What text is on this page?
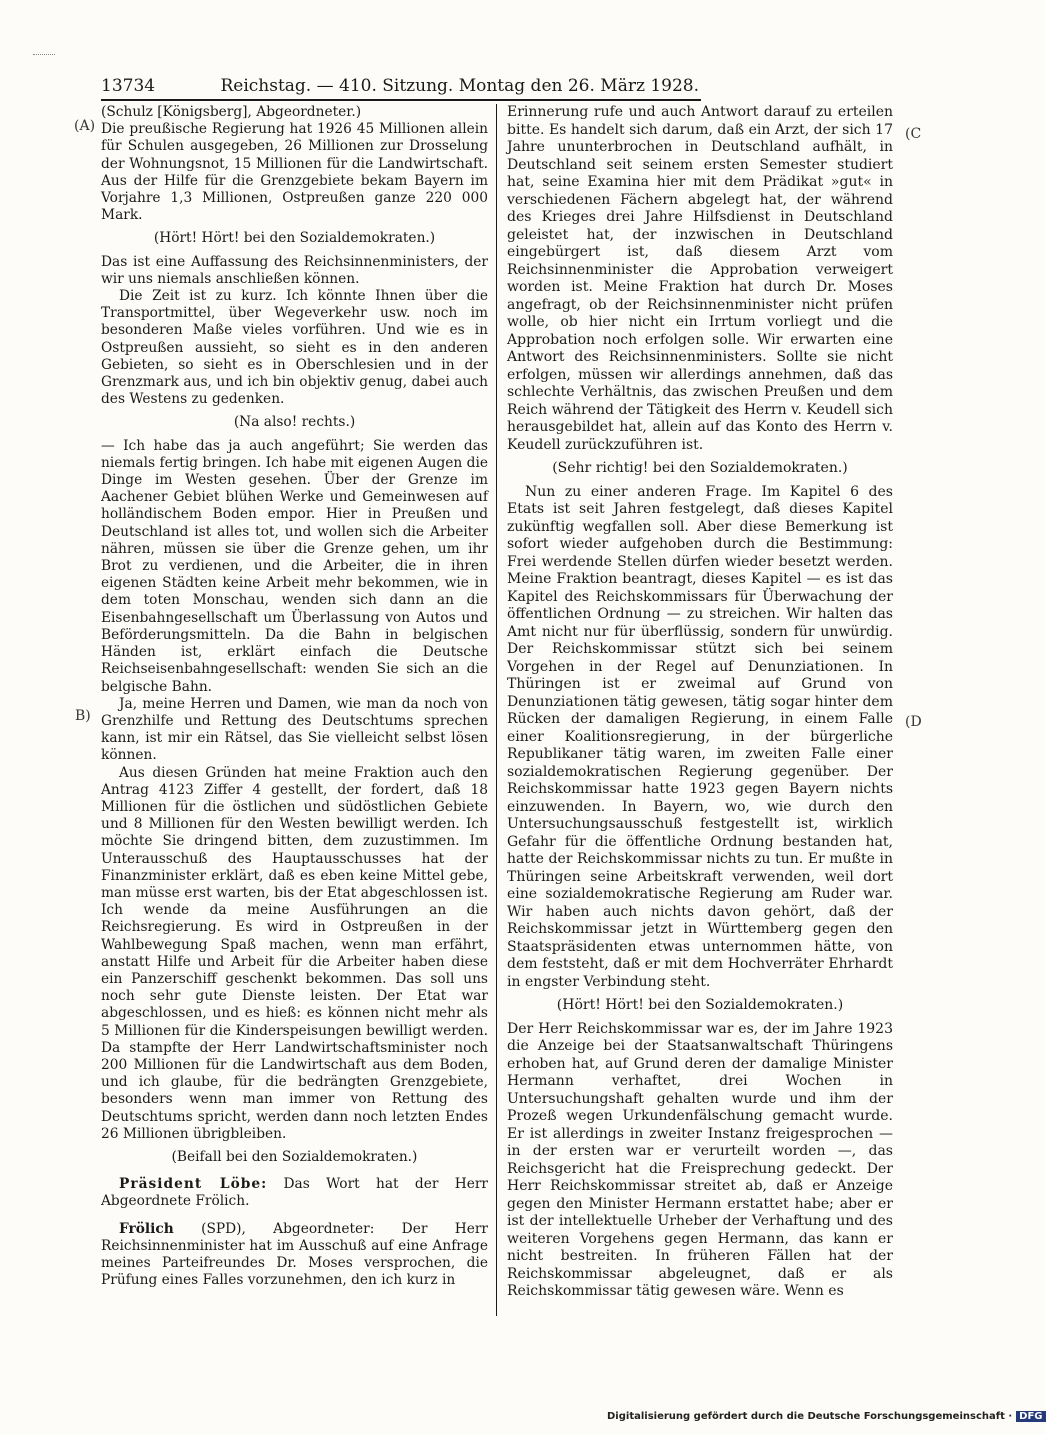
13734	Reichstag. — 410. Sitzung. Montag den 26. März 1928.
(A)
B)
(C
(D

(Schulz [Königsberg], Abgeordneter.)

Die preußische Regierung hat 1926 45 Millionen allein für Schulen ausgegeben, 26 Millionen zur Drosselung der Wohnungsnot, 15 Millionen für die Landwirtschaft. Aus der Hilfe für die Grenzgebiete bekam Bayern im Vorjahre 1,3 Millionen, Ostpreußen ganze 220 000 Mark.

(Hört! Hört! bei den Sozialdemokraten.)

Das ist eine Auffassung des Reichsinnenministers, der wir uns niemals anschließen können.

Die Zeit ist zu kurz. Ich könnte Ihnen über die Transportmittel, über Wegeverkehr usw. noch im besonderen Maße vieles vorführen. Und wie es in Ostpreußen aussieht, so sieht es in den anderen Gebieten, so sieht es in Oberschlesien und in der Grenzmark aus, und ich bin objektiv genug, dabei auch des Westens zu gedenken.

(Na also! rechts.)

— Ich habe das ja auch angeführt; Sie werden das niemals fertig bringen. Ich habe mit eigenen Augen die Dinge im Westen gesehen. Über der Grenze im Aachener Gebiet blühen Werke und Gemeinwesen auf holländischem Boden empor. Hier in Preußen und Deutschland ist alles tot, und wollen sich die Arbeiter nähren, müssen sie über die Grenze gehen, um ihr Brot zu verdienen, und die Arbeiter, die in ihren eigenen Städten keine Arbeit mehr bekommen, wie in dem toten Monschau, wenden sich dann an die Eisenbahngesellschaft um Überlassung von Autos und Beförderungsmitteln. Da die Bahn in belgischen Händen ist, erklärt einfach die Deutsche Reichseisenbahngesellschaft: wenden Sie sich an die belgische Bahn.

Ja, meine Herren und Damen, wie man da noch von Grenzhilfe und Rettung des Deutschtums sprechen kann, ist mir ein Rätsel, das Sie vielleicht selbst lösen können.

Aus diesen Gründen hat meine Fraktion auch den Antrag 4123 Ziffer 4 gestellt, der fordert, daß 18 Millionen für die östlichen und südöstlichen Gebiete und 8 Millionen für den Westen bewilligt werden. Ich möchte Sie dringend bitten, dem zuzustimmen. Im Unterausschuß des Hauptausschusses hat der Finanzminister erklärt, daß es eben keine Mittel gebe, man müsse erst warten, bis der Etat abgeschlossen ist. Ich wende da meine Ausführungen an die Reichsregierung. Es wird in Ostpreußen in der Wahlbewegung Spaß machen, wenn man erfährt, anstatt Hilfe und Arbeit für die Arbeiter haben diese ein Panzerschiff geschenkt bekommen. Das soll uns noch sehr gute Dienste leisten. Der Etat war abgeschlossen, und es hieß: es können nicht mehr als 5 Millionen für die Kinderspeisungen bewilligt werden. Da stampfte der Herr Landwirtschaftsminister noch 200 Millionen für die Landwirtschaft aus dem Boden, und ich glaube, für die bedrängten Grenzgebiete, besonders wenn man immer von Rettung des Deutschtums spricht, werden dann noch letzten Endes 26 Millionen übrigbleiben.

(Beifall bei den Sozialdemokraten.)

Präsident Löbe: Das Wort hat der Herr Abgeordnete Frölich.

Frölich (SPD), Abgeordneter: Der Herr Reichsinnenminister hat im Ausschuß auf eine Anfrage meines Parteifreundes Dr. Moses versprochen, die Prüfung eines Falles vorzunehmen, den ich kurz in

Erinnerung rufe und auch Antwort darauf zu erteilen bitte. Es handelt sich darum, daß ein Arzt, der sich 17 Jahre ununterbrochen in Deutschland aufhält, in Deutschland seit seinem ersten Semester studiert hat, seine Examina hier mit dem Prädikat »gut« in verschiedenen Fächern abgelegt hat, der während des Krieges drei Jahre Hilfsdienst in Deutschland geleistet hat, der inzwischen in Deutschland eingebürgert ist, daß diesem Arzt vom Reichsinnenminister die Approbation verweigert worden ist. Meine Fraktion hat durch Dr. Moses angefragt, ob der Reichsinnenminister nicht prüfen wolle, ob hier nicht ein Irrtum vorliegt und die Approbation noch erfolgen solle. Wir erwarten eine Antwort des Reichsinnenministers. Sollte sie nicht erfolgen, müssen wir allerdings annehmen, daß das schlechte Verhältnis, das zwischen Preußen und dem Reich während der Tätigkeit des Herrn v. Keudell sich herausgebildet hat, allein auf das Konto des Herrn v. Keudell zurückzuführen ist.

(Sehr richtig! bei den Sozialdemokraten.)

Nun zu einer anderen Frage. Im Kapitel 6 des Etats ist seit Jahren festgelegt, daß dieses Kapitel zukünftig wegfallen soll. Aber diese Bemerkung ist sofort wieder aufgehoben durch die Bestimmung: Frei werdende Stellen dürfen wieder besetzt werden. Meine Fraktion beantragt, dieses Kapitel — es ist das Kapitel des Reichskommissars für Überwachung der öffentlichen Ordnung — zu streichen. Wir halten das Amt nicht nur für überflüssig, sondern für unwürdig. Der Reichskommissar stützt sich bei seinem Vorgehen in der Regel auf Denunziationen. In Thüringen ist er zweimal auf Grund von Denunziationen tätig gewesen, tätig sogar hinter dem Rücken der damaligen Regierung, in einem Falle einer Koalitionsregierung, in der bürgerliche Republikaner tätig waren, im zweiten Falle einer sozialdemokratischen Regierung gegenüber. Der Reichskommissar hatte 1923 gegen Bayern nichts einzuwenden. In Bayern, wo, wie durch den Untersuchungsausschuß festgestellt ist, wirklich Gefahr für die öffentliche Ordnung bestanden hat, hatte der Reichskommissar nichts zu tun. Er mußte in Thüringen seine Arbeitskraft verwenden, weil dort eine sozialdemokratische Regierung am Ruder war. Wir haben auch nichts davon gehört, daß der Reichskommissar jetzt in Württemberg gegen den Staatspräsidenten etwas unternommen hätte, von dem feststeht, daß er mit dem Hochverräter Ehrhardt in engster Verbindung steht.

(Hört! Hört! bei den Sozialdemokraten.)

Der Herr Reichskommissar war es, der im Jahre 1923 die Anzeige bei der Staatsanwaltschaft Thüringens erhoben hat, auf Grund deren der damalige Minister Hermann verhaftet, drei Wochen in Untersuchungshaft gehalten wurde und ihm der Prozeß wegen Urkundenfälschung gemacht wurde. Er ist allerdings in zweiter Instanz freigesprochen — in der ersten war er verurteilt worden —, das Reichsgericht hat die Freisprechung gedeckt. Der Herr Reichskommissar streitet ab, daß er Anzeige gegen den Minister Hermann erstattet habe; aber er ist der intellektuelle Urheber der Verhaftung und des weiteren Vorgehens gegen Hermann, das kann er nicht bestreiten. In früheren Fällen hat der Reichskommissar abgeleugnet, daß er als Reichskommissar tätig gewesen wäre. Wenn es

Digitalisierung gefördert durch die Deutsche Forschungsgemeinschaft · DFG
